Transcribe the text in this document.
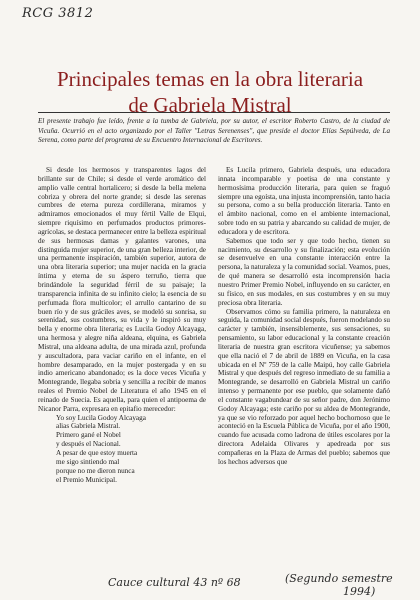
RCG 3812
Principales temas en la obra literaria
de Gabriela Mistral
El presente trabajo fue leído, frente a la tumba de Gabriela, por su autor, el escritor Roberto Castro, de la ciudad de Vicuña. Ocurrió en el acto organizado por el Taller "Letras Serenenses", que preside el doctor Elías Sepúlveda, de La Serena, como parte del programa de su Encuentro Internacional de Escritores.

Si desde los hermosos y transparentes lagos del brillante sur de Chile; si desde el verde aromático del amplio valle central hortalicero; si desde la bella melena cobriza y obrera del norte grande; si desde las serenas cumbres de eterna pureza cordillerana, miramos y admiramos emocionados el muy fértil Valle de Elqui, siempre riquísimo en perfumados productos primores-agrícolas, se destaca permanecer entre la belleza espiritual de sus hermosas damas y galantes varones, una distinguida mujer superior, de una gran belleza interior, de una permanente inspiración, también superior, autora de una obra literaria superior; una mujer nacida en la gracia íntima y eterna de su áspero terruño, tierra que brindándole la seguridad férril de su paisaje; la transparencia infinita de su infinito cielo; la esencia de su perfumada flora multicolor; el arrullo cantarino de su buen río y de sus gráciles aves, se modeló su sonrisa, su serenidad, sus costumbres, su vida y le inspiró su muy bella y enorme obra literaria; es Lucila Godoy Alcayaga, una hermosa y alegre niña aldeana, elquina, es Gabriela Mistral, una aldeana adulta, de una mirada azul, profunda y auscultadora, para vaciar cariño en el infante, en el hombre desamparado, en la mujer postergada y en su indio americano abandonado; es la doce veces Vicuña y Montegrande, llegaba sobria y sencilla a recibir de manos reales el Premio Nobel de Literatura el año 1945 en el reinado de Suecia. Es aquella, para quien el antipoema de Nicanor Parra, expresara en epitafio merecedor:

Yo soy Lucila Godoy Alcayaga

alias Gabriela Mistral.

Primero gané el Nobel

y después el Nacional.

A pesar de que estoy muerta

me sigo sintiendo mal

porque no me dieron nunca

el Premio Municipal.

Es Lucila primero, Gabriela después, una educadora innata incomparable y poetisa de una constante y hermosísima producción literaria, para quien se fraguó siempre una egoísta, una injusta incomprensión, tanto hacia su persona, como a su bella producción literaria. Tanto en el ámbito nacional, como en el ambiente internacional, sobre todo en su patria y abarcando su calidad de mujer, de educadora y de escritora.

Sabemos que todo ser y que todo hecho, tienen su nacimiento, su desarrollo y su finalización; esta evolución se desenvuelve en una constante interacción entre la persona, la naturaleza y la comunidad social. Veamos, pues, de qué manera se desarrolló esta incomprensión hacia nuestro Primer Premio Nobel, influyendo en su carácter, en su físico, en sus modales, en sus costumbres y en su muy preciosa obra literaria.

Observamos cómo su familia primero, la naturaleza en seguida, la comunidad social después, fueron modelando su carácter y también, insensiblemente, sus sensaciones, su pensamiento, su labor educacional y la constante creación literaria de nuestra gran escritora vicuñense; ya sabemos que ella nació el 7 de abril de 1889 en Vicuña, en la casa ubicada en el Nº 759 de la calle Maipú, hoy calle Gabriela Mistral y que después del regreso inmediato de su familia a Montegrande, se desarrolló en Gabriela Mistral un cariño intenso y permanente por ese pueblo, que solamente dañó el constante vagabundear de su señor padre, don Jerónimo Godoy Alcayaga; este cariño por su aldea de Montegrande, ya que se vio reforzado por aquel hecho bochornoso que le aconteció en la Escuela Pública de Vicuña, por el año 1900, cuando fue acusada como ladrona de útiles escolares por la directora Adelaida Olivares y apedreada por sus compañeras en la Plaza de Armas del pueblo; sabemos que los hechos adversos que

Cauce cultural 43 nº 68	(Segundo semestre
1994)
